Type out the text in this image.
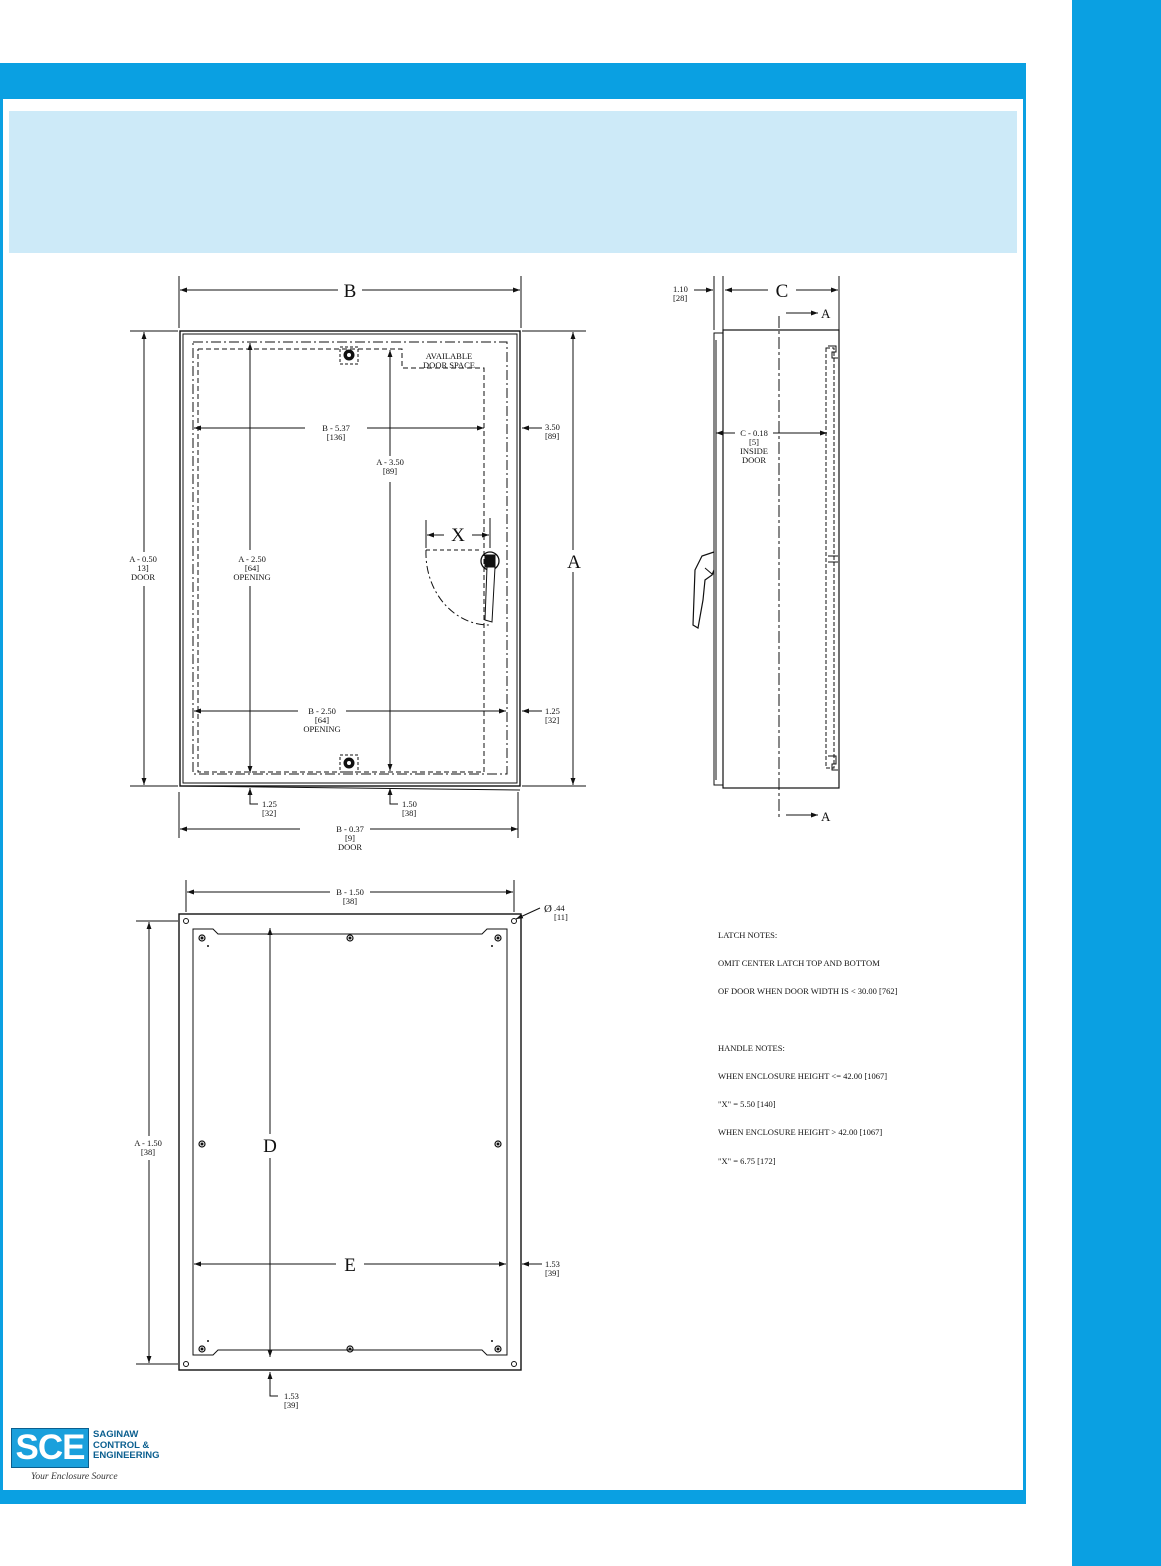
B
A
X
A - 0.50
13]
DOOR
A - 2.50
[64]
OPENING
A - 3.50
[89]
B - 5.37
[136]
B - 2.50
[64]
OPENING
B - 0.37
[9]
DOOR
AVAILABLE
DOOR SPACE
3.50
[89]
1.25
[32]
1.25
[32]
1.50
[38]
C
A
A
1.10
[28]
C - 0.18
[5]
INSIDE
DOOR
D
E
Ø
B - 1.50
[38]
.44
[11]
A - 1.50
[38]
1.53
[39]
1.53
[39]

LATCH NOTES:

OMIT CENTER LATCH TOP AND BOTTOM

OF DOOR WHEN DOOR WIDTH IS < 30.00 [762]

HANDLE NOTES:

WHEN ENCLOSURE HEIGHT <= 42.00 [1067]

"X" = 5.50 [140]

WHEN ENCLOSURE HEIGHT > 42.00 [1067]

"X" = 6.75 [172]

SCE SAGINAW
CONTROL &
ENGINEERING
Your Enclosure Source
